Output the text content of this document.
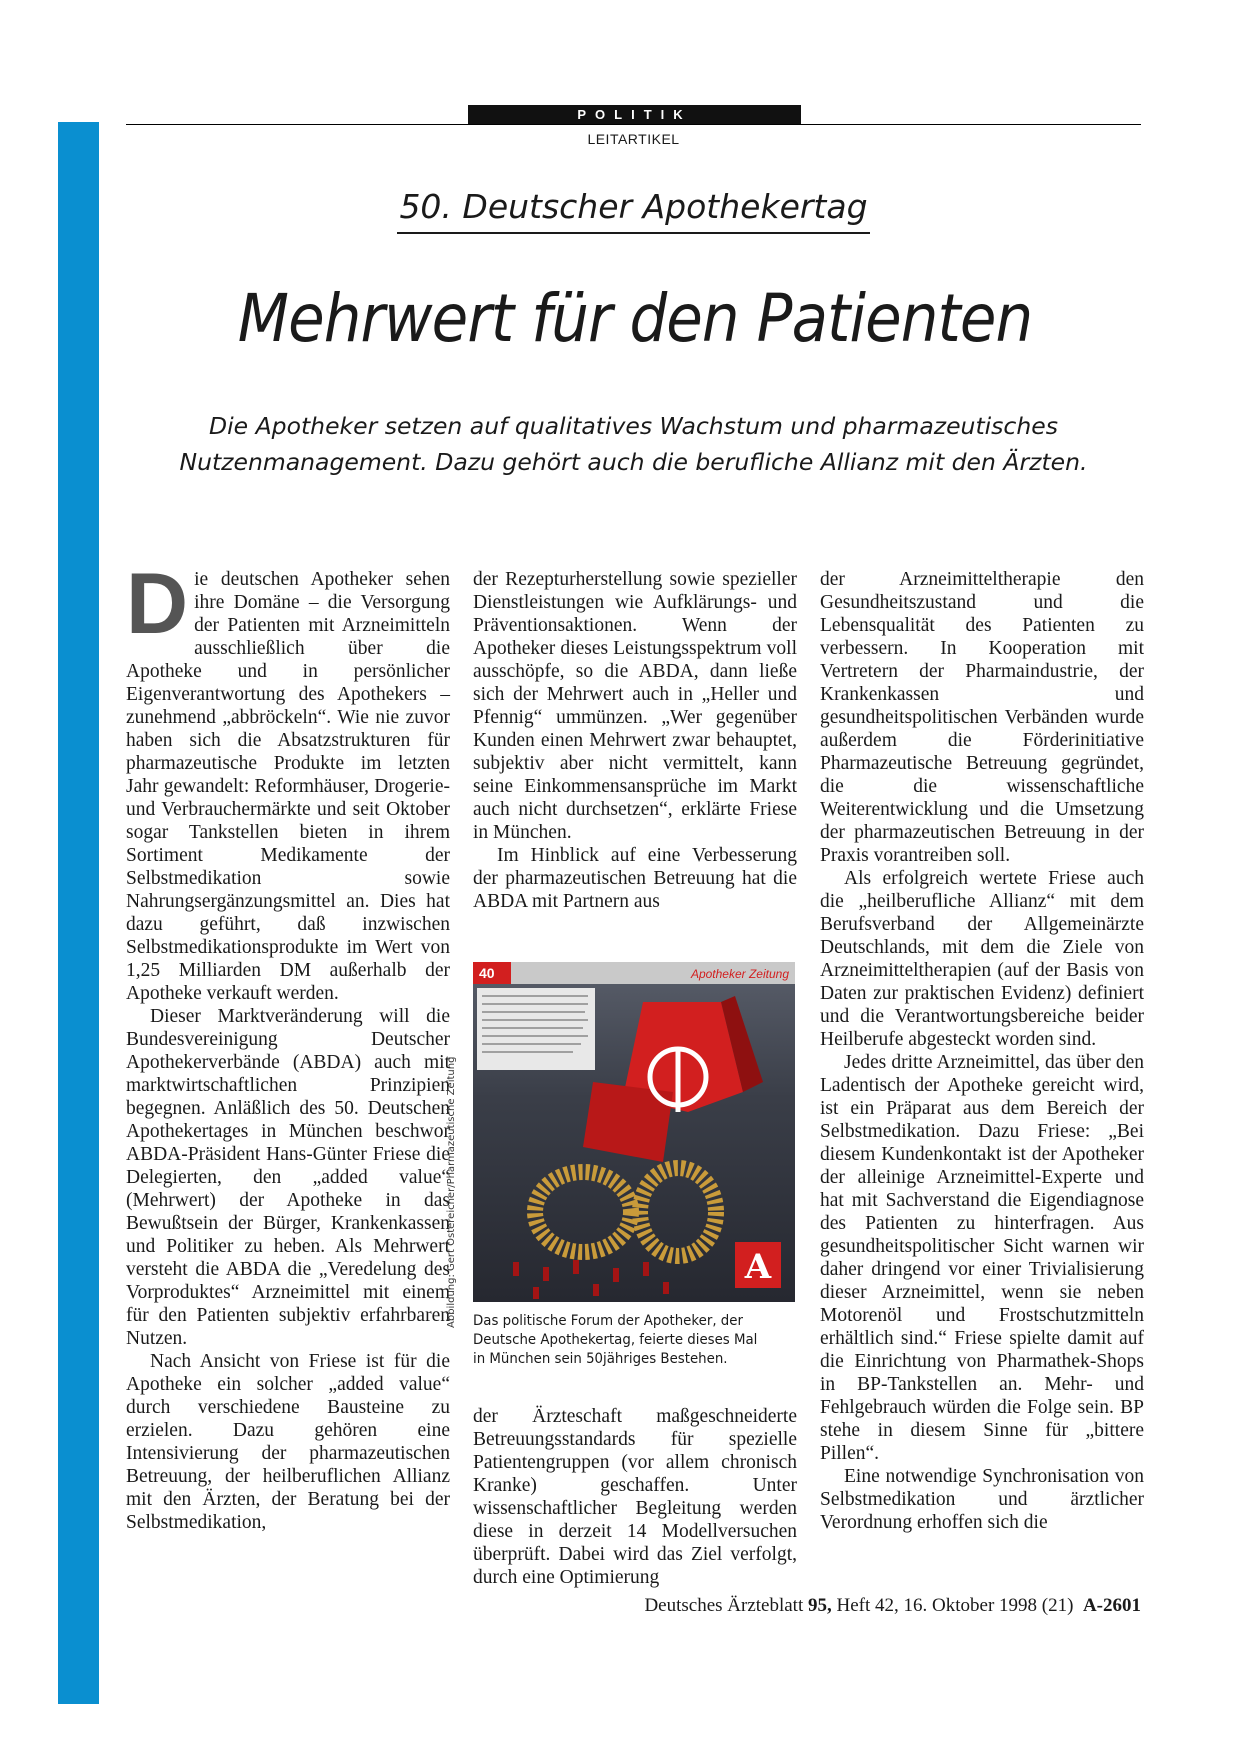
POLITIK
LEITARTIKEL
50. Deutscher Apothekertag
Mehrwert für den Patienten
Die Apotheker setzen auf qualitatives Wachstum und pharmazeutisches
Nutzenmanagement. Dazu gehört auch die berufliche Allianz mit den Ärzten.

Die deutschen Apotheker sehen ihre Domäne – die Versorgung der Patienten mit Arzneimitteln ausschließlich über die Apotheke und in persönlicher Eigenverantwortung des Apothekers – zunehmend „abbröckeln“. Wie nie zuvor haben sich die Absatzstrukturen für pharmazeutische Produkte im letzten Jahr gewandelt: Reformhäuser, Drogerie- und Verbrauchermärkte und seit Oktober sogar Tankstellen bieten in ihrem Sortiment Medikamente der Selbstmedikation sowie Nahrungsergänzungsmittel an. Dies hat dazu geführt, daß inzwischen Selbstmedikationsprodukte im Wert von 1,25 Milliarden DM außerhalb der Apotheke verkauft werden.

Dieser Marktveränderung will die Bundesvereinigung Deutscher Apothekerverbände (ABDA) auch mit marktwirtschaftlichen Prinzipien begegnen. Anläßlich des 50. Deutschen Apothekertages in München beschwor ABDA-Präsident Hans-Günter Friese die Delegierten, den „added value“ (Mehrwert) der Apotheke in das Bewußtsein der Bürger, Krankenkassen und Politiker zu heben. Als Mehrwert versteht die ABDA die „Veredelung des Vorproduktes“ Arzneimittel mit einem für den Patienten subjektiv erfahrbaren Nutzen.

Nach Ansicht von Friese ist für die Apotheke ein solcher „added value“ durch verschiedene Bausteine zu erzielen. Dazu gehören eine Intensivierung der pharmazeutischen Betreuung, der heilberuflichen Allianz mit den Ärzten, der Beratung bei der Selbstmedikation,

der Rezepturherstellung sowie spezieller Dienstleistungen wie Aufklärungs- und Präventionsaktionen. Wenn der Apotheker dieses Leistungsspektrum voll ausschöpfe, so die ABDA, dann ließe sich der Mehrwert auch in „Heller und Pfennig“ ummünzen. „Wer gegenüber Kunden einen Mehrwert zwar behauptet, subjektiv aber nicht vermittelt, kann seine Einkommensansprüche im Markt auch nicht durchsetzen“, erklärte Friese in München.

Im Hinblick auf eine Verbesserung der pharmazeutischen Betreuung hat die ABDA mit Partnern aus

Abbildung: Gert Ostereicher/Pharmazeutische Zeitung
40	Apotheker Zeitung
A
Das politische Forum der Apotheker, der Deutsche Apothekertag, feierte dieses Mal in München sein 50jähriges Bestehen.

der Ärzteschaft maßgeschneiderte Betreuungsstandards für spezielle Patientengruppen (vor allem chronisch Kranke) geschaffen. Unter wissenschaftlicher Begleitung werden diese in derzeit 14 Modellversuchen überprüft. Dabei wird das Ziel verfolgt, durch eine Optimierung

der Arzneimitteltherapie den Gesundheitszustand und die Lebensqualität des Patienten zu verbessern. In Kooperation mit Vertretern der Pharmaindustrie, der Krankenkassen und gesundheitspolitischen Verbänden wurde außerdem die Förderinitiative Pharmazeutische Betreuung gegründet, die die wissenschaftliche Weiterentwicklung und die Umsetzung der pharmazeutischen Betreuung in der Praxis vorantreiben soll.

Als erfolgreich wertete Friese auch die „heilberufliche Allianz“ mit dem Berufsverband der Allgemeinärzte Deutschlands, mit dem die Ziele von Arzneimitteltherapien (auf der Basis von Daten zur praktischen Evidenz) definiert und die Verantwortungsbereiche beider Heilberufe abgesteckt worden sind.

Jedes dritte Arzneimittel, das über den Ladentisch der Apotheke gereicht wird, ist ein Präparat aus dem Bereich der Selbstmedikation. Dazu Friese: „Bei diesem Kundenkontakt ist der Apotheker der alleinige Arzneimittel-Experte und hat mit Sachverstand die Eigendiagnose des Patienten zu hinterfragen. Aus gesundheitspolitischer Sicht warnen wir daher dringend vor einer Trivialisierung dieser Arzneimittel, wenn sie neben Motorenöl und Frostschutzmitteln erhältlich sind.“ Friese spielte damit auf die Einrichtung von Pharmathek-Shops in BP-Tankstellen an. Mehr- und Fehlgebrauch würden die Folge sein. BP stehe in diesem Sinne für „bittere Pillen“.

Eine notwendige Synchronisation von Selbstmedikation und ärztlicher Verordnung erhoffen sich die

Deutsches Ärzteblatt 95, Heft 42, 16. Oktober 1998 (21) A-2601
